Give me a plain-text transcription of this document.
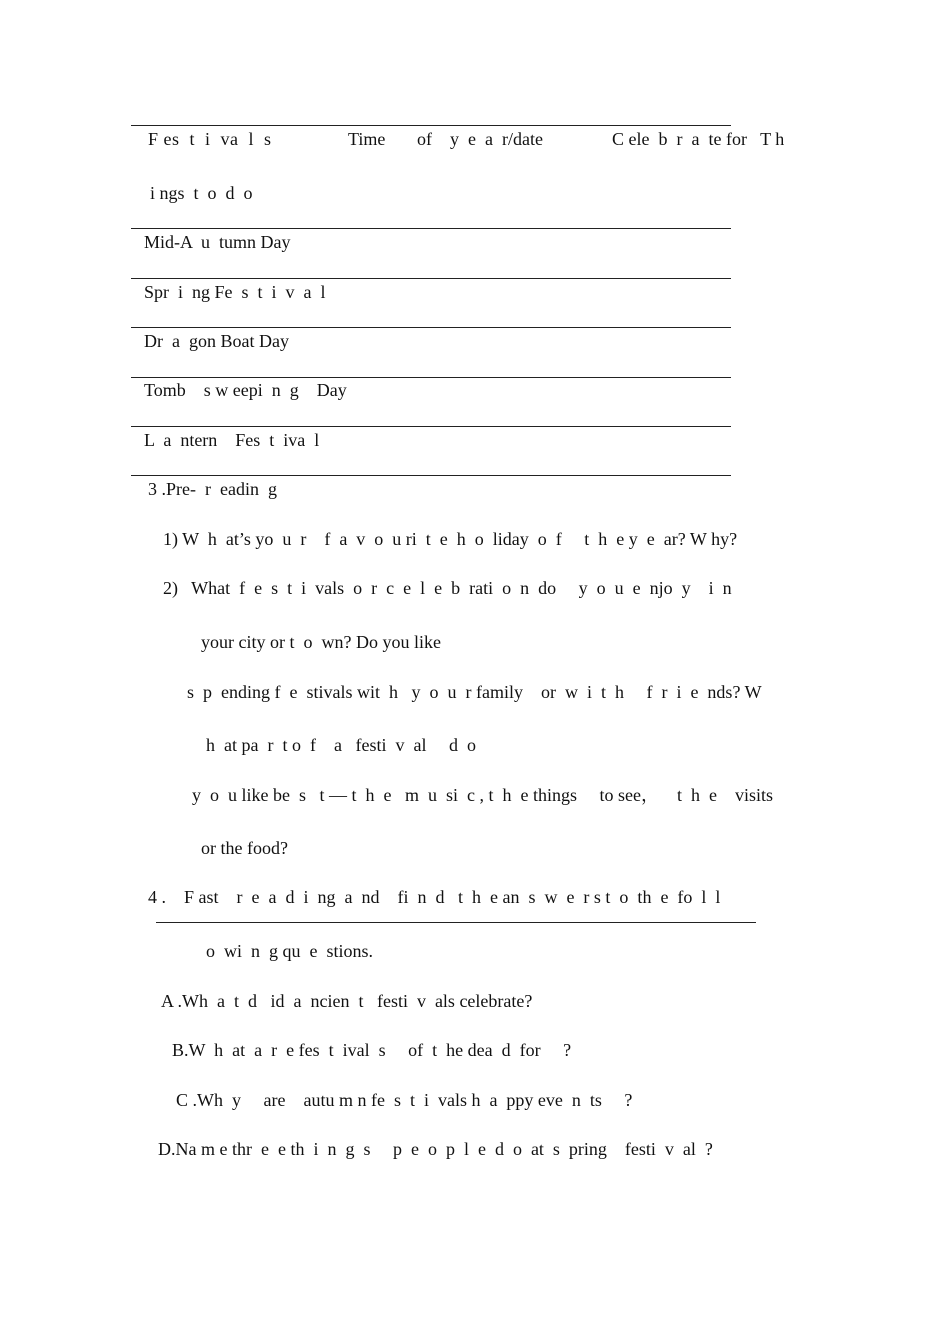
F es  t  i  va  l  s	Time of    y  e  a  r/date	C ele  b  r  a  te for   T h
i ngs  t  o  d  o
Mid-A  u  tumn Day
Spr  i  ng Fe  s  t  i  v  a  l
Dr  a  gon Boat Day
Tomb    s w eepi  n  g    Day
L  a  ntern    Fes  t  iva  l
3 .Pre-  r  eadin  g
1) W  h  at’s yo  u  r    f  a  v  o  u ri  t  e  h  o  liday  o  f     t  h  e y  e  ar? W hy?
2)   What  f  e  s  t  i  vals  o  r  c  e  l  e  b  rati  o  n  do     y  o  u  e  njo  y    i  n
your city or t  o  wn? Do you like
s  p  ending f  e  stivals wit  h   y  o  u  r family    or  w  i  t  h     f  r  i  e  nds? W
h  at pa  r  t o  f    a   festi  v  al     d  o
y  o  u like be  s   t — t  h  e   m  u  si  c , t  h  e things     to see，    t  h  e    visits
or the food?
4 .    F ast    r  e  a  d  i  ng  a  nd    fi  n  d   t  h  e an  s  w  e  r s t  o  th  e  fo  l  l
o  wi  n  g qu  e  stions.
A .Wh  a  t  d   id  a  ncien  t   festi  v  als celebrate?
B.W  h  at  a  r  e fes  t  ival  s     of  t  he dea  d  for     ?
C .Wh  y     are    autu m n fe  s  t  i  vals h  a  ppy eve  n  ts     ?
D.Na m e thr  e  e th  i  n  g  s     p  e  o  p  l  e  d  o  at  s  pring    festi  v  al  ?
